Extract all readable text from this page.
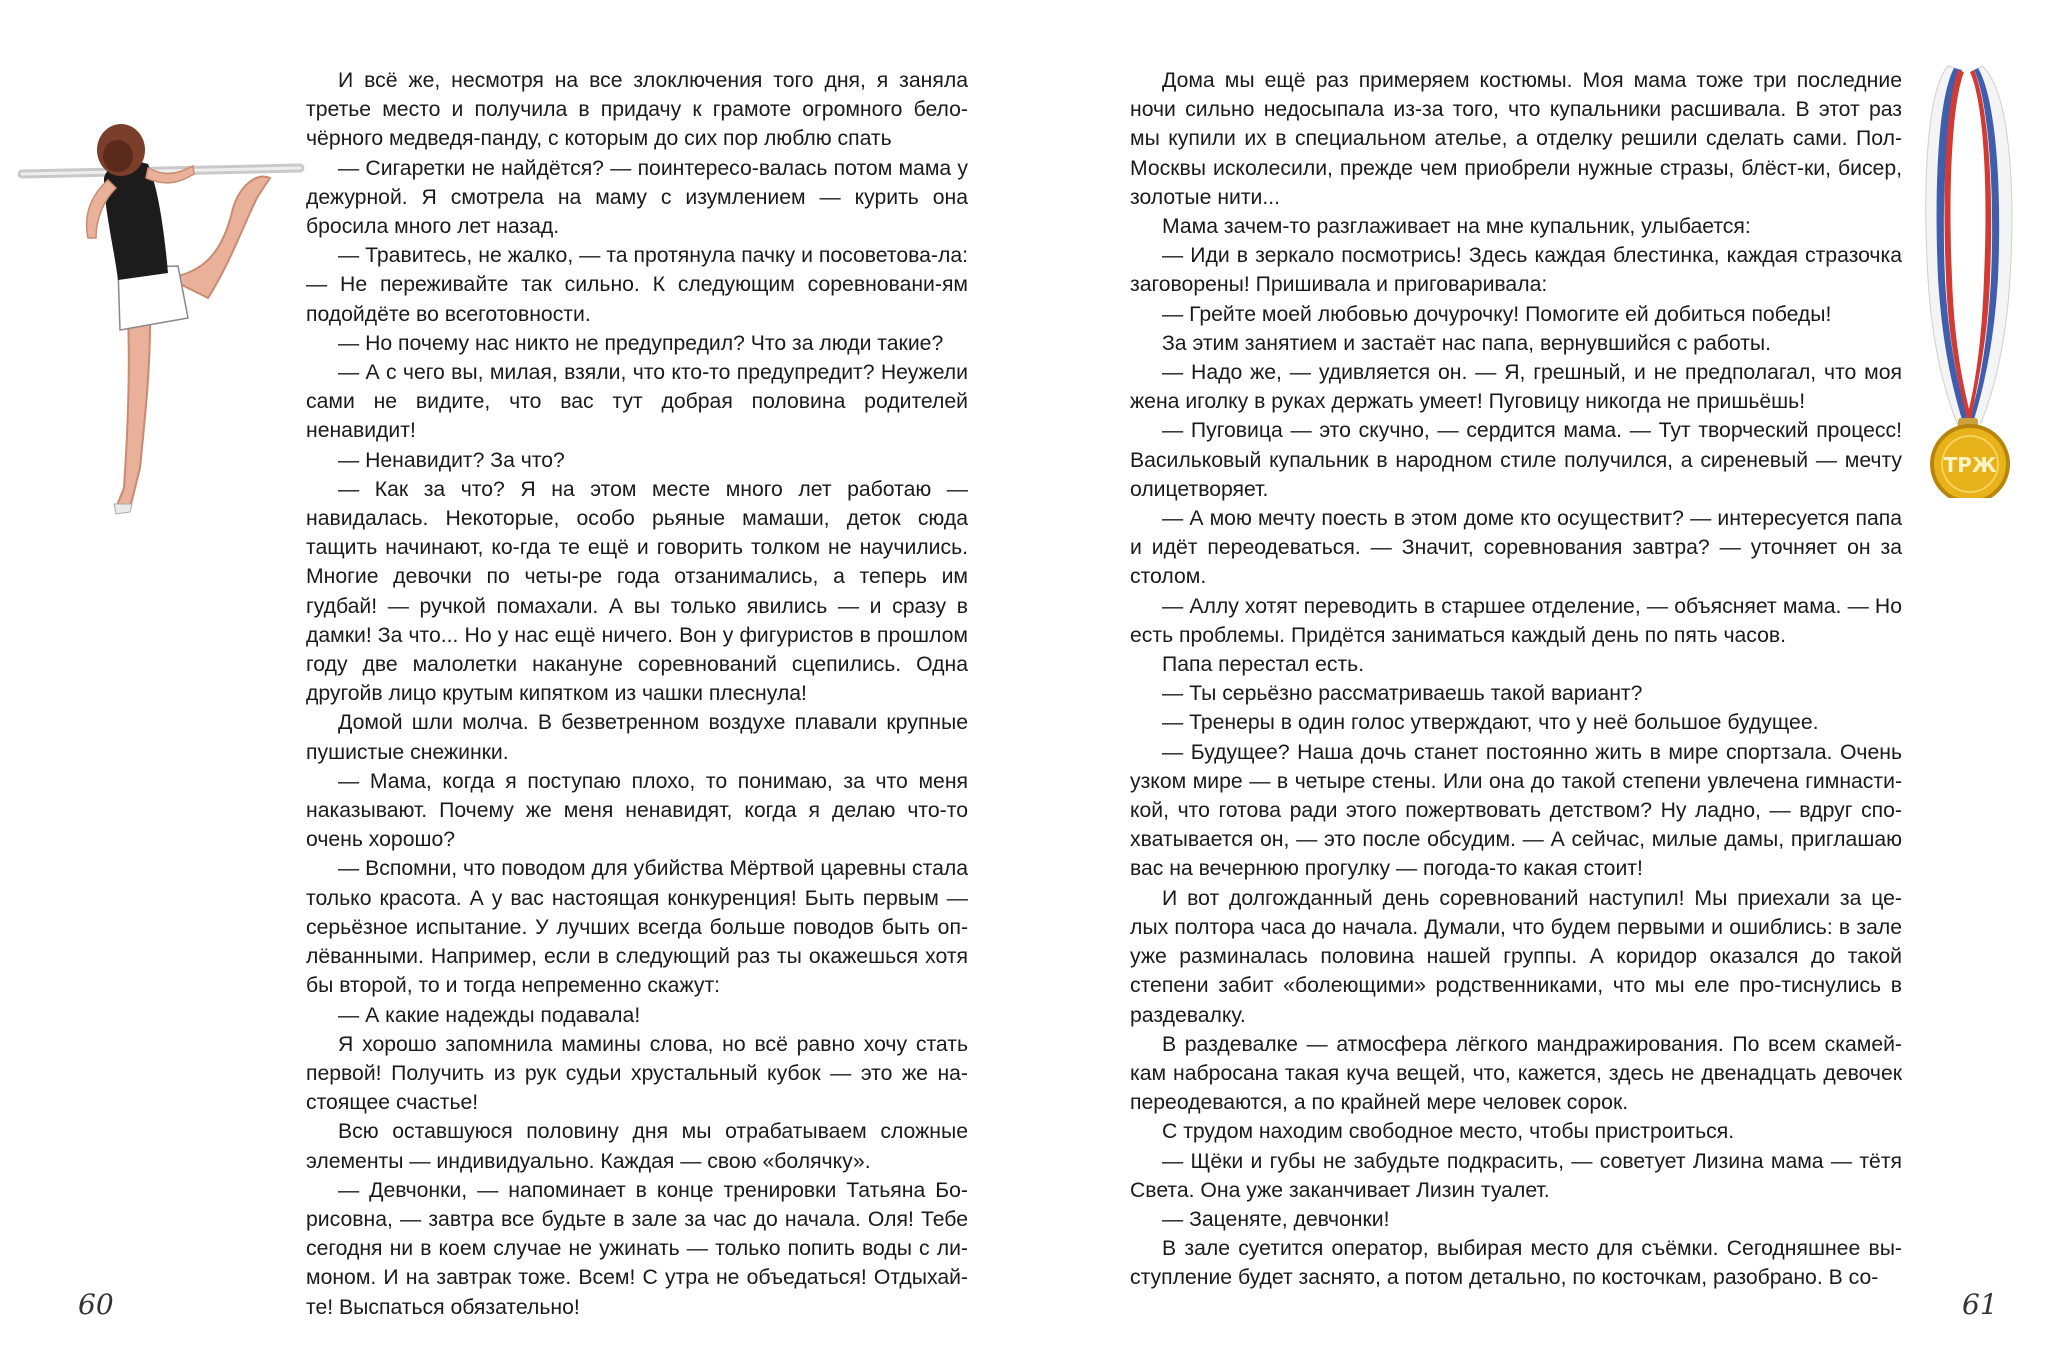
И всё же, несмотря на все злоключения того дня, я заняла третье место и получила в придачу к грамоте огромного бело-чёрного медведя-панду, с которым до сих пор люблю спать

— Сигаретки не найдётся? — поинтересо-валась потом мама у дежурной. Я смотрела на маму с изумлением — курить она бросила много лет назад.

— Травитесь, не жалко, — та протянула пачку и посоветова-ла: — Не переживайте так сильно. К следующим соревновани-ям подойдёте во всеготовности.

— Но почему нас никто не предупредил? Что за люди такие?

— А с чего вы, милая, взяли, что кто-то предупредит? Неужели сами не видите, что вас тут добрая половина родителей ненавидит!

— Ненавидит? За что?

— Как за что? Я на этом месте много лет работаю — навидалась. Некоторые, особо рьяные мамаши, деток сюда тащить начинают, ко-гда те ещё и говорить толком не научились. Многие девочки по четы-ре года отзанимались, а теперь им гудбай! — ручкой помахали. А вы только явились — и сразу в дамки! За что... Но у нас ещё ничего. Вон у фигуристов в прошлом году две малолетки накануне соревнований сцепились. Одна другойв лицо крутым кипятком из чашки плеснула!

Домой шли молча. В безветренном воздухе плавали крупные пушистые снежинки.

— Мама, когда я поступаю плохо, то понимаю, за что меня наказывают. Почему же меня ненавидят, когда я делаю что-то очень хорошо?

— Вспомни, что поводом для убийства Мёртвой царевны стала только красота. А у вас настоящая конкуренция! Быть первым — серьёзное испытание. У лучших всегда больше поводов быть оп-лёванными. Например, если в следующий раз ты окажешься хотя бы второй, то и тогда непременно скажут:

— А какие надежды подавала!

Я хорошо запомнила мамины слова, но всё равно хочу стать первой! Получить из рук судьи хрустальный кубок — это же на-стоящее счастье!

Всю оставшуюся половину дня мы отрабатываем сложные элементы — индивидуально. Каждая — свою «болячку».

— Девчонки, — напоминает в конце тренировки Татьяна Бо-рисовна, — завтра все будьте в зале за час до начала. Оля! Тебе сегодня ни в коем случае не ужинать — только попить воды с ли-моном. И на завтрак тоже. Всем! С утра не объедаться! Отдыхай-те! Выспаться обязательно!

60

Дома мы ещё раз примеряем костюмы. Моя мама тоже три последние ночи сильно недосыпала из-за того, что купальники расшивала. В этот раз мы купили их в специальном ателье, а отделку решили сделать сами. Пол-Москвы исколесили, прежде чем приобрели нужные стразы, блёст-ки, бисер, золотые нити...

Мама зачем-то разглаживает на мне купальник, улыбается:

— Иди в зеркало посмотрись! Здесь каждая блестинка, каждая стразочка заговорены! Пришивала и приговаривала:

— Грейте моей любовью дочурочку! Помогите ей добиться победы!

За этим занятием и застаёт нас папа, вернувшийся с работы.

— Надо же, — удивляется он. — Я, грешный, и не предполагал, что моя жена иголку в руках держать умеет! Пуговицу никогда не пришьёшь!

— Пуговица — это скучно, — сердится мама. — Тут творческий процесс! Васильковый купальник в народном стиле получился, а сиреневый — мечту олицетворяет.

— А мою мечту поесть в этом доме кто осуществит? — интересуется папа и идёт переодеваться. — Значит, соревнования завтра? — уточняет он за столом.

— Аллу хотят переводить в старшее отделение, — объясняет мама. — Но есть проблемы. Придётся заниматься каждый день по пять часов.

Папа перестал есть.

— Ты серьёзно рассматриваешь такой вариант?

— Тренеры в один голос утверждают, что у неё большое будущее.

— Будущее? Наша дочь станет постоянно жить в мире спортзала. Очень узком мире — в четыре стены. Или она до такой степени увлечена гимнасти-кой, что готова ради этого пожертвовать детством? Ну ладно, — вдруг спо-хватывается он, — это после обсудим. — А сейчас, милые дамы, приглашаю вас на вечернюю прогулку — погода-то какая стоит!

И вот долгожданный день соревнований наступил! Мы приехали за це-лых полтора часа до начала. Думали, что будем первыми и ошиблись: в зале уже разминалась половина нашей группы. А коридор оказался до такой степени забит «болеющими» родственниками, что мы еле про-тиснулись в раздевалку.

В раздевалке — атмосфера лёгкого мандражирования. По всем скамей-кам набросана такая куча вещей, что, кажется, здесь не двенадцать девочек переодеваются, а по крайней мере человек сорок.

С трудом находим свободное место, чтобы пристроиться.

— Щёки и губы не забудьте подкрасить, — советует Лизина мама — тётя Света. Она уже заканчивает Лизин туалет.

— Заценяте, девчонки!

В зале суетится оператор, выбирая место для съёмки. Сегодняшнее вы-ступление будет заснято, а потом детально, по косточкам, разобрано. В со-

61
ТРЖ
